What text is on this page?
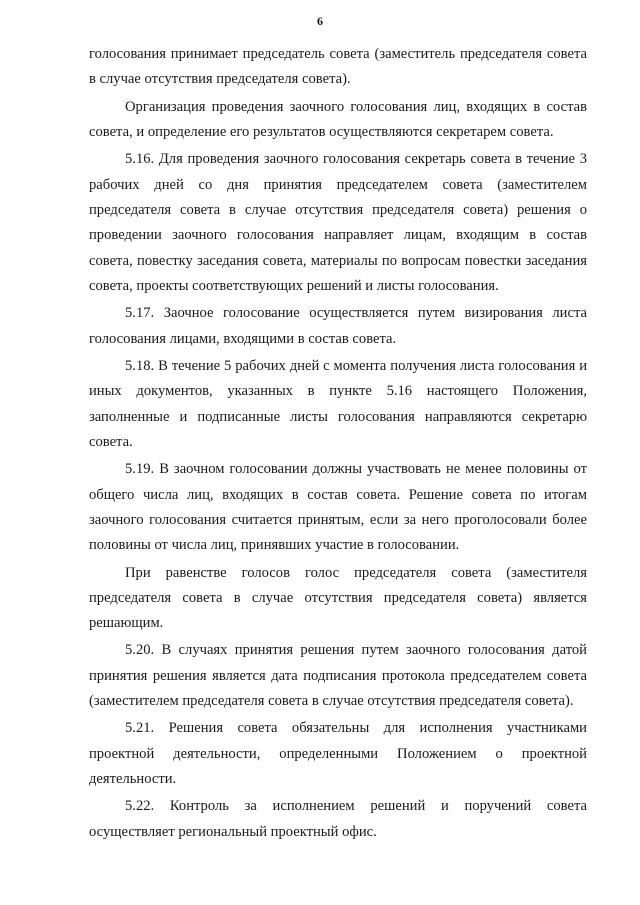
6

голосования принимает председатель совета (заместитель председателя совета в случае отсутствия председателя совета).

Организация проведения заочного голосования лиц, входящих в состав совета, и определение его результатов осуществляются секретарем совета.

5.16. Для проведения заочного голосования секретарь совета в течение 3 рабочих дней со дня принятия председателем совета (заместителем председателя совета в случае отсутствия председателя совета) решения о проведении заочного голосования направляет лицам, входящим в состав совета, повестку заседания совета, материалы по вопросам повестки заседания совета, проекты соответствующих решений и листы голосования.

5.17. Заочное голосование осуществляется путем визирования листа голосования лицами, входящими в состав совета.

5.18. В течение 5 рабочих дней с момента получения листа голосования и иных документов, указанных в пункте 5.16 настоящего Положения, заполненные и подписанные листы голосования направляются секретарю совета.

5.19. В заочном голосовании должны участвовать не менее половины от общего числа лиц, входящих в состав совета. Решение совета по итогам заочного голосования считается принятым, если за него проголосовали более половины от числа лиц, принявших участие в голосовании.

При равенстве голосов голос председателя совета (заместителя председателя совета в случае отсутствия председателя совета) является решающим.

5.20. В случаях принятия решения путем заочного голосования датой принятия решения является дата подписания протокола председателем совета (заместителем председателя совета в случае отсутствия председателя совета).

5.21. Решения совета обязательны для исполнения участниками проектной деятельности, определенными Положением о проектной деятельности.

5.22. Контроль за исполнением решений и поручений совета осуществляет региональный проектный офис.
